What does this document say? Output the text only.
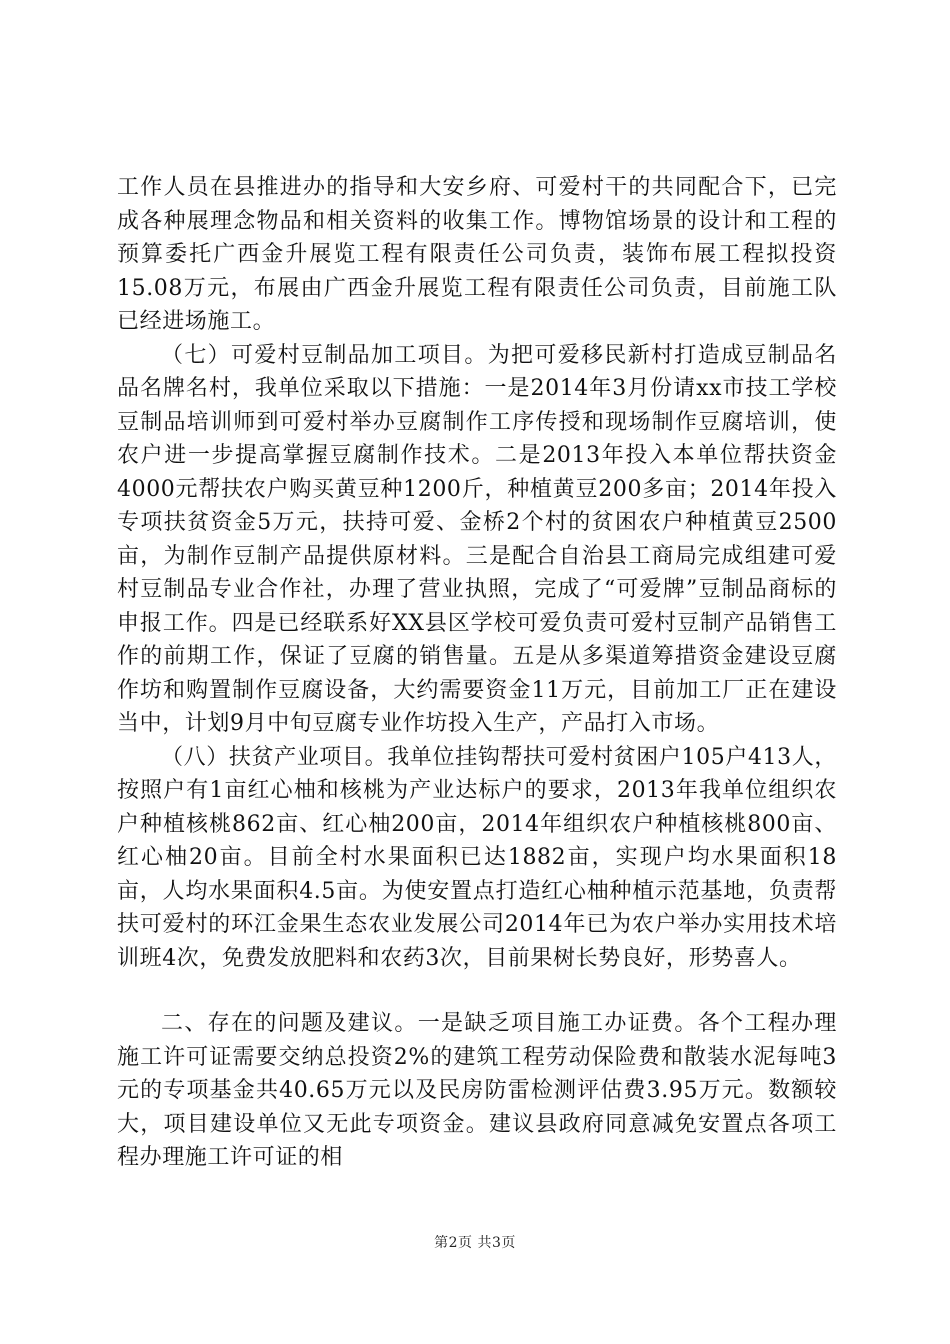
工作人员在县推进办的指导和大安乡府、可爱村干的共同配合下，已完成各种展理念物品和相关资料的收集工作。博物馆场景的设计和工程的预算委托广西金升展览工程有限责任公司负责，装饰布展工程拟投资15.08万元，布展由广西金升展览工程有限责任公司负责，目前施工队已经进场施工。

（七）可爱村豆制品加工项目。为把可爱移民新村打造成豆制品名品名牌名村，我单位采取以下措施：一是2014年3月份请xx市技工学校豆制品培训师到可爱村举办豆腐制作工序传授和现场制作豆腐培训，使农户进一步提高掌握豆腐制作技术。二是2013年投入本单位帮扶资金4000元帮扶农户购买黄豆种1200斤，种植黄豆200多亩；2014年投入专项扶贫资金5万元，扶持可爱、金桥2个村的贫困农户种植黄豆2500亩，为制作豆制产品提供原材料。三是配合自治县工商局完成组建可爱村豆制品专业合作社，办理了营业执照，完成了“可爱牌”豆制品商标的申报工作。四是已经联系好XX县区学校可爱负责可爱村豆制产品销售工作的前期工作，保证了豆腐的销售量。五是从多渠道筹措资金建设豆腐作坊和购置制作豆腐设备，大约需要资金11万元，目前加工厂正在建设当中，计划9月中旬豆腐专业作坊投入生产，产品打入市场。

（八）扶贫产业项目。我单位挂钩帮扶可爱村贫困户105户413人，按照户有1亩红心柚和核桃为产业达标户的要求，2013年我单位组织农户种植核桃862亩、红心柚200亩，2014年组织农户种植核桃800亩、红心柚20亩。目前全村水果面积已达1882亩，实现户均水果面积18亩，人均水果面积4.5亩。为使安置点打造红心柚种植示范基地，负责帮扶可爱村的环江金果生态农业发展公司2014年已为农户举办实用技术培训班4次，免费发放肥料和农药3次，目前果树长势良好，形势喜人。

二、存在的问题及建议。一是缺乏项目施工办证费。各个工程办理施工许可证需要交纳总投资2%的建筑工程劳动保险费和散装水泥每吨3元的专项基金共40.65万元以及民房防雷检测评估费3.95万元。数额较大，项目建设单位又无此专项资金。建议县政府同意减免安置点各项工程办理施工许可证的相

第2页 共3页
